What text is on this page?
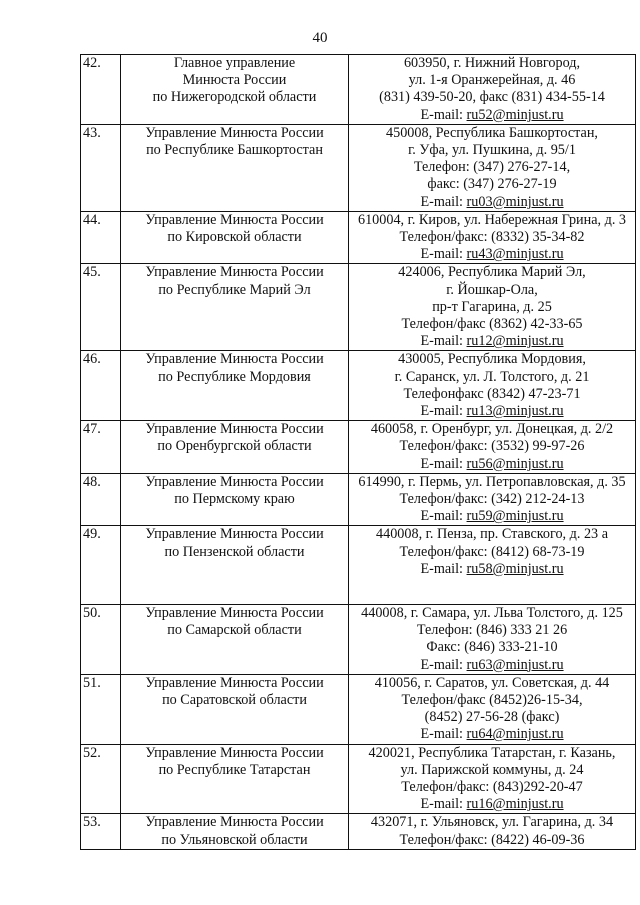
40
42.	Главное управление
Минюста России
по Нижегородской области	603950, г. Нижний Новгород,
ул. 1-я Оранжерейная, д. 46
(831) 439-50-20, факс (831) 434-55-14
E-mail: ru52@minjust.ru

43.	Управление Минюста России
по Республике Башкортостан	450008, Республика Башкортостан,
г. Уфа, ул. Пушкина, д. 95/1
Телефон: (347) 276-27-14,
факс: (347) 276-27-19
E-mail: ru03@minjust.ru

44.	Управление Минюста России
по Кировской области	610004, г. Киров, ул. Набережная Грина, д. 3
Телефон/факс: (8332) 35-34-82
E-mail: ru43@minjust.ru

45.	Управление Минюста России
по Республике Марий Эл	424006, Республика Марий Эл,
г. Йошкар-Ола,
пр-т Гагарина, д. 25
Телефон/факс (8362) 42-33-65
E-mail: ru12@minjust.ru

46.	Управление Минюста России
по Республике Мордовия	430005, Республика Мордовия,
г. Саранск, ул. Л. Толстого, д. 21
Телефонфакс (8342) 47-23-71
E-mail: ru13@minjust.ru

47.	Управление Минюста России
по Оренбургской области	460058, г. Оренбург, ул. Донецкая, д. 2/2
Телефон/факс: (3532) 99-97-26
E-mail: ru56@minjust.ru

48.	Управление Минюста России
по Пермскому краю	614990, г. Пермь, ул. Петропавловская, д. 35
Телефон/факс: (342) 212-24-13
E-mail: ru59@minjust.ru

49.	Управление Минюста России
по Пензенской области	440008, г. Пенза, пр. Ставского, д. 23 а
Телефон/факс: (8412) 68-73-19
E-mail: ru58@minjust.ru

50.	Управление Минюста России
по Самарской области	440008, г. Самара, ул. Льва Толстого, д. 125
Телефон: (846) 333 21 26
Факс: (846) 333-21-10
E-mail: ru63@minjust.ru

51.	Управление Минюста России
по Саратовской области	410056, г. Саратов, ул. Советская, д. 44
Телефон/факс (8452)26-15-34,
(8452) 27-56-28 (факс)
E-mail: ru64@minjust.ru

52.	Управление Минюста России
по Республике Татарстан	420021, Республика Татарстан, г. Казань,
ул. Парижской коммуны, д. 24
Телефон/факс: (843)292-20-47
E-mail: ru16@minjust.ru

53.	Управление Минюста России
по Ульяновской области	432071, г. Ульяновск, ул. Гагарина, д. 34
Телефон/факс: (8422) 46-09-36
